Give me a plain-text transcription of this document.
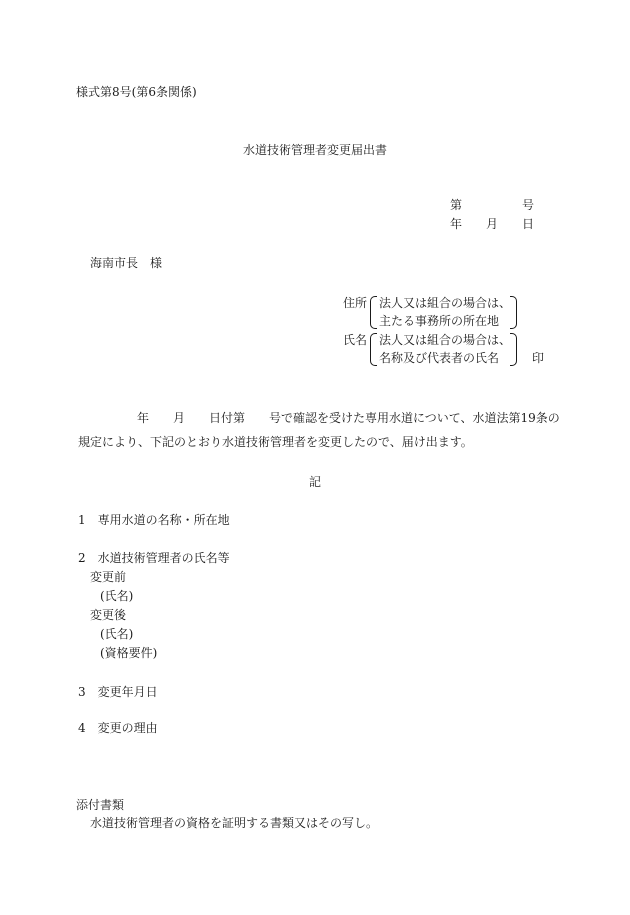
様式第8号(第6条関係)
水道技術管理者変更届出書
第	号
年 月 日
海南市長　様
住所 法人又は組合の場合は、
主たる事務所の所在地
氏名 法人又は組合の場合は、
名称及び代表者の氏名	印
年 月 日付第 号で確認を受けた専用水道について、水道法第19条の
規定により、下記のとおり水道技術管理者を変更したので、届け出ます。
記
1　専用水道の名称・所在地
2　水道技術管理者の氏名等
変更前
(氏名)
変更後
(氏名)
(資格要件)
3　変更年月日
4　変更の理由
添付書類
水道技術管理者の資格を証明する書類又はその写し。
